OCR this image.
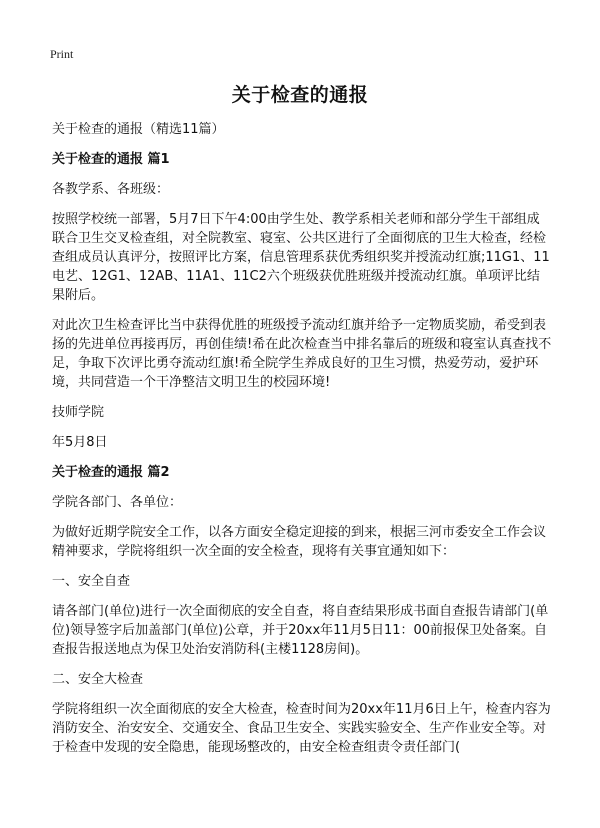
Print
关于检查的通报

关于检查的通报（精选11篇）

关于检查的通报 篇1

各教学系、各班级：

按照学校统一部署，5月7日下午4:00由学生处、教学系相关老师和部分学生干部组成联合卫生交叉检查组，对全院教室、寝室、公共区进行了全面彻底的卫生大检查，经检查组成员认真评分，按照评比方案，信息管理系获优秀组织奖并授流动红旗;11G1、11电艺、12G1、12AB、11A1、11C2六个班级获优胜班级并授流动红旗。单项评比结果附后。

对此次卫生检查评比当中获得优胜的班级授予流动红旗并给予一定物质奖励，希受到表扬的先进单位再接再厉，再创佳绩!希在此次检查当中排名靠后的班级和寝室认真查找不足，争取下次评比勇夺流动红旗!希全院学生养成良好的卫生习惯，热爱劳动，爱护环境，共同营造一个干净整洁文明卫生的校园环境!

技师学院

年5月8日

关于检查的通报 篇2

学院各部门、各单位：

为做好近期学院安全工作，以各方面安全稳定迎接的到来，根据三河市委安全工作会议精神要求，学院将组织一次全面的安全检查，现将有关事宜通知如下：

一、安全自查

请各部门(单位)进行一次全面彻底的安全自查，将自查结果形成书面自查报告请部门(单位)领导签字后加盖部门(单位)公章，并于20xx年11月5日11：00前报保卫处备案。自查报告报送地点为保卫处治安消防科(主楼1128房间)。

二、安全大检查

学院将组织一次全面彻底的安全大检查，检查时间为20xx年11月6日上午，检查内容为消防安全、治安安全、交通安全、食品卫生安全、实践实验安全、生产作业安全等。对于检查中发现的安全隐患，能现场整改的，由安全检查组责令责任部门(
